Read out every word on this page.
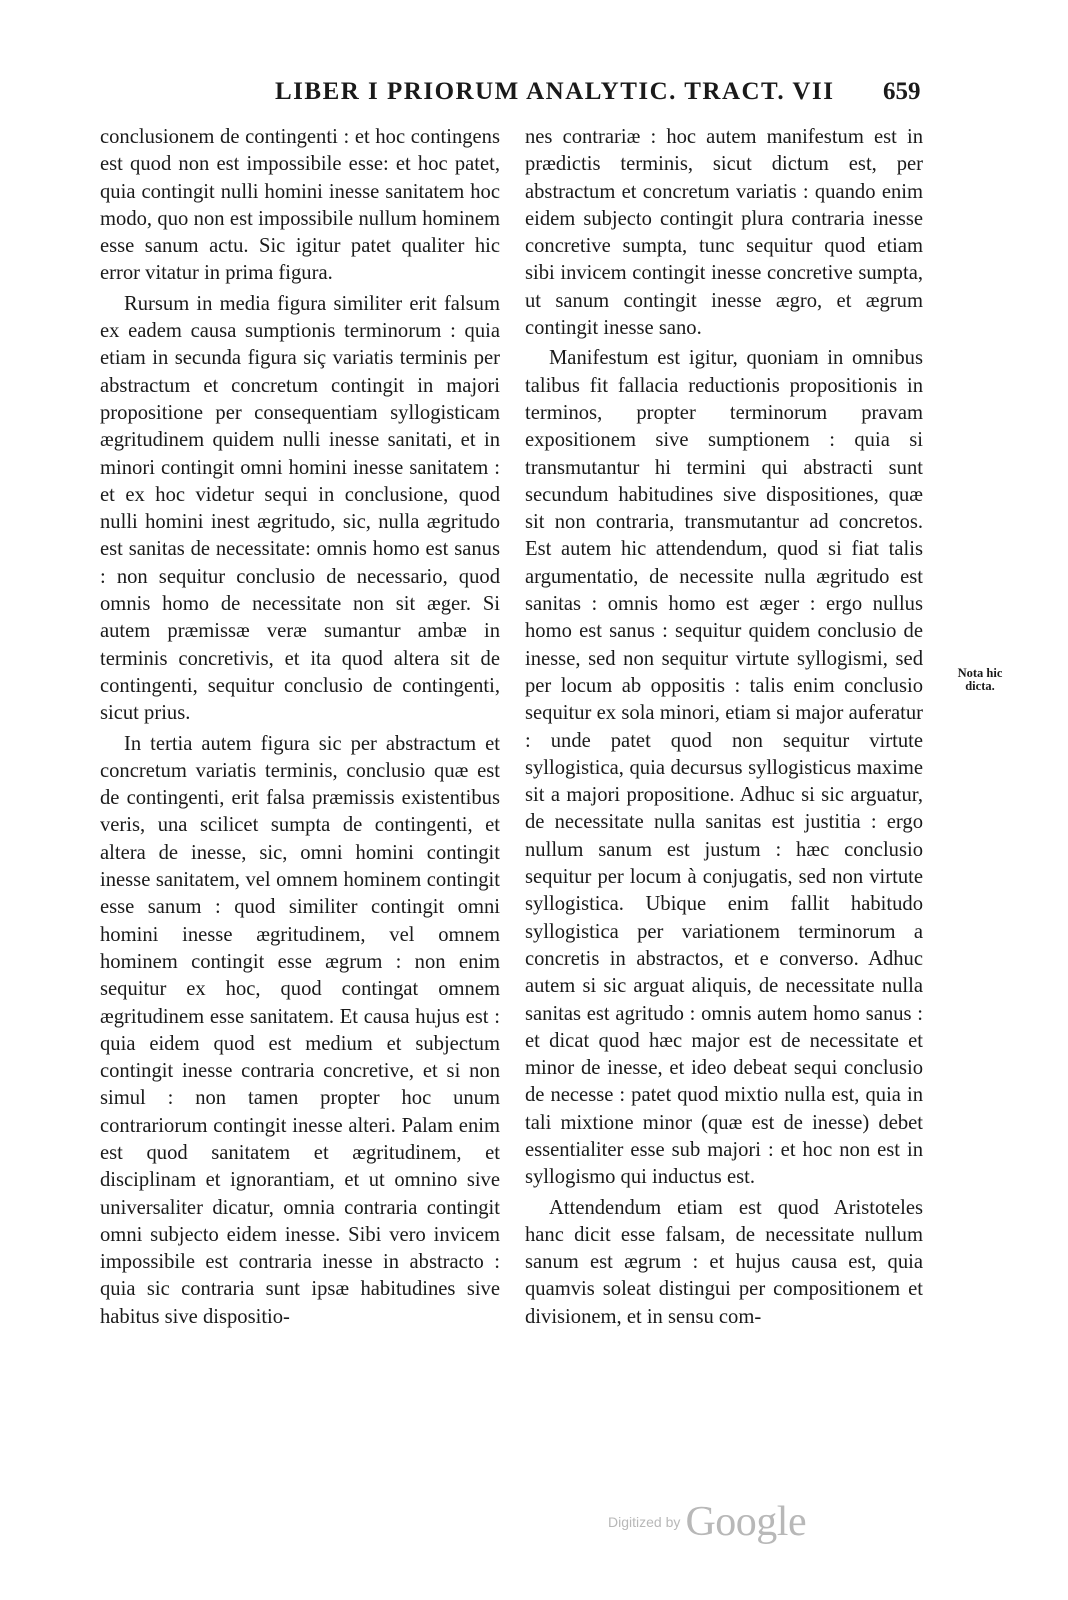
LIBER I PRIORUM ANALYTIC. TRACT. VII 659

conclusionem de contingenti : et hoc contingens est quod non est impossibile esse: et hoc patet, quia contingit nulli homini inesse sanitatem hoc modo, quo non est impossibile nullum hominem esse sanum actu. Sic igitur patet qualiter hic error vitatur in prima figura.

Rursum in media figura similiter erit falsum ex eadem causa sumptionis terminorum : quia etiam in secunda figura siç variatis terminis per abstractum et concretum contingit in majori propositione per consequentiam syllogisticam ægritudinem quidem nulli inesse sanitati, et in minori contingit omni homini inesse sanitatem : et ex hoc videtur sequi in conclusione, quod nulli homini inest ægritudo, sic, nulla ægritudo est sanitas de necessitate: omnis homo est sanus : non sequitur conclusio de necessario, quod omnis homo de necessitate non sit æger. Si autem præmissæ veræ sumantur ambæ in terminis concretivis, et ita quod altera sit de contingenti, sequitur conclusio de contingenti, sicut prius.

In tertia autem figura sic per abstractum et concretum variatis terminis, conclusio quæ est de contingenti, erit falsa præmissis existentibus veris, una scilicet sumpta de contingenti, et altera de inesse, sic, omni homini contingit inesse sanitatem, vel omnem hominem contingit esse sanum : quod similiter contingit omni homini inesse ægritudinem, vel omnem hominem contingit esse ægrum : non enim sequitur ex hoc, quod contingat omnem ægritudinem esse sanitatem. Et causa hujus est : quia eidem quod est medium et subjectum contingit inesse contraria concretive, et si non simul : non tamen propter hoc unum contrariorum contingit inesse alteri. Palam enim est quod sanitatem et ægritudinem, et disciplinam et ignorantiam, et ut omnino sive universaliter dicatur, omnia contraria contingit omni subjecto eidem inesse. Sibi vero invicem impossibile est contraria inesse in abstracto : quia sic contraria sunt ipsæ habitudines sive habitus sive dispositio-

nes contrariæ : hoc autem manifestum est in prædictis terminis, sicut dictum est, per abstractum et concretum variatis : quando enim eidem subjecto contingit plura contraria inesse concretive sumpta, tunc sequitur quod etiam sibi invicem contingit inesse concretive sumpta, ut sanum contingit inesse ægro, et ægrum contingit inesse sano.

Manifestum est igitur, quoniam in omnibus talibus fit fallacia reductionis propositionis in terminos, propter terminorum pravam expositionem sive sumptionem : quia si transmutantur hi termini qui abstracti sunt secundum habitudines sive dispositiones, quæ sit non contraria, transmutantur ad concretos. Est autem hic attendendum, quod si fiat talis argumentatio, de necessite nulla ægritudo est sanitas : omnis homo est æger : ergo nullus homo est sanus : sequitur quidem conclusio de inesse, sed non sequitur virtute syllogismi, sed per locum ab oppositis : talis enim conclusio sequitur ex sola minori, etiam si major auferatur : unde patet quod non sequitur virtute syllogistica, quia decursus syllogisticus maxime sit a majori propositione. Adhuc si sic arguatur, de necessitate nulla sanitas est justitia : ergo nullum sanum est justum : hæc conclusio sequitur per locum à conjugatis, sed non virtute syllogistica. Ubique enim fallit habitudo syllogistica per variationem terminorum a concretis in abstractos, et e converso. Adhuc autem si sic arguat aliquis, de necessitate nulla sanitas est agritudo : omnis autem homo sanus : et dicat quod hæc major est de necessitate et minor de inesse, et ideo debeat sequi conclusio de necesse : patet quod mixtio nulla est, quia in tali mixtione minor (quæ est de inesse) debet essentialiter esse sub majori : et hoc non est in syllogismo qui inductus est.

Attendendum etiam est quod Aristoteles hanc dicit esse falsam, de necessitate nullum sanum est ægrum : et hujus causa est, quia quamvis soleat distingui per compositionem et divisionem, et in sensu com-

Nota hic
dicta.
Digitized by Google
